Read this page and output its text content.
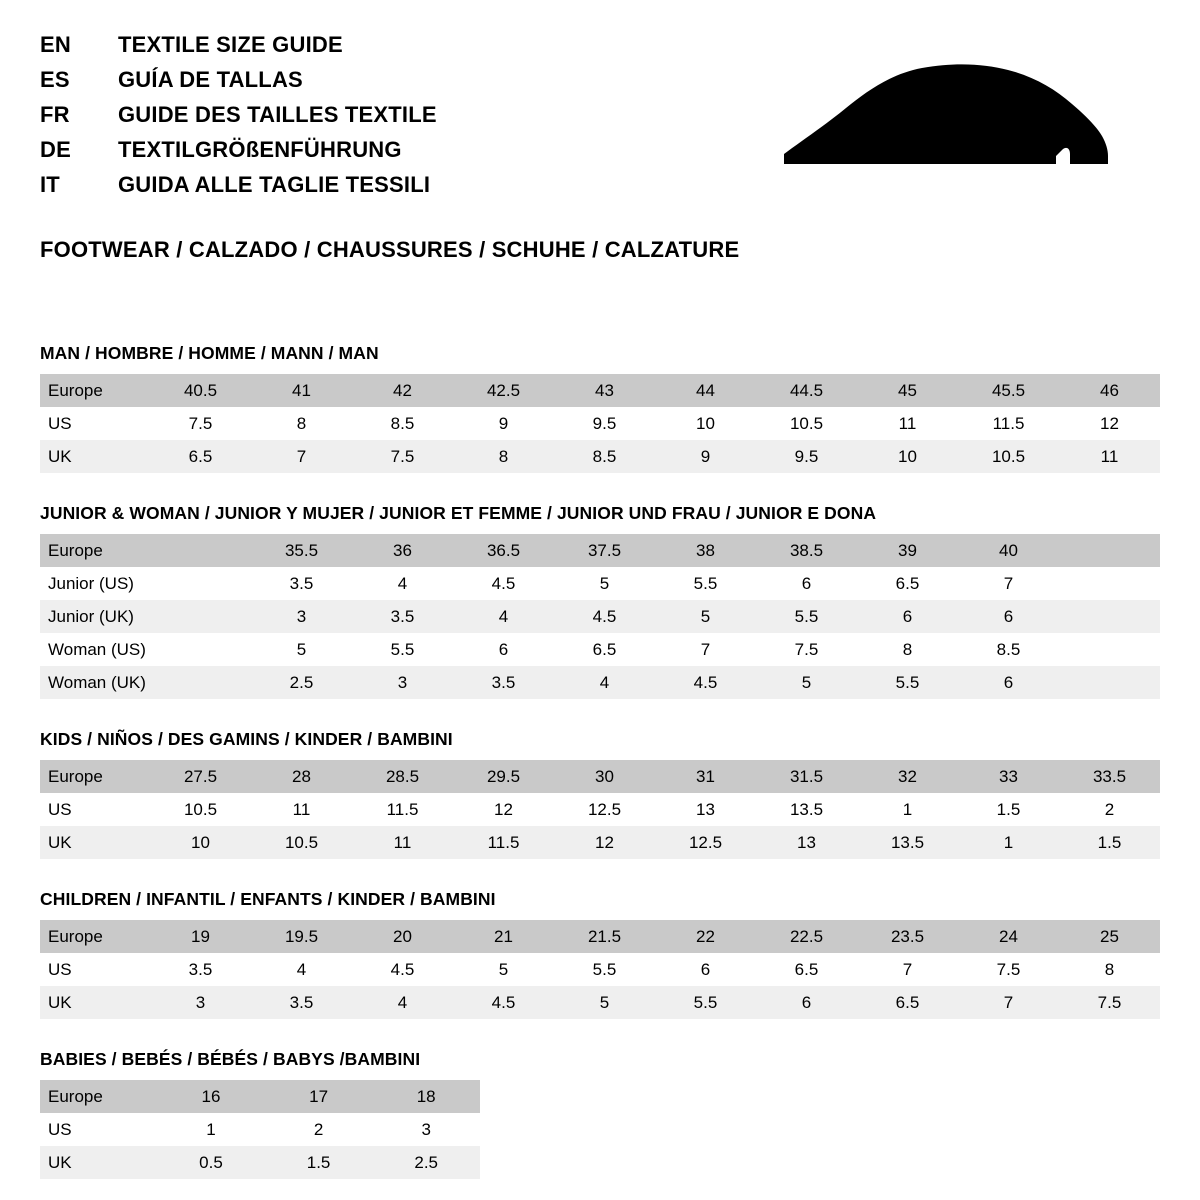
EN	TEXTILE SIZE GUIDE
ES	GUÍA DE TALLAS
FR	GUIDE DES TAILLES TEXTILE
DE	TEXTILGRÖßENFÜHRUNG
IT	GUIDA ALLE TAGLIE TESSILI
FOOTWEAR / CALZADO / CHAUSSURES / SCHUHE / CALZATURE
MAN / HOMBRE / HOMME / MANN / MAN
Europe	40.5	41	42	42.5	43	44	44.5	45	45.5	46
US	7.5	8	8.5	9	9.5	10	10.5	11	11.5	12
UK	6.5	7	7.5	8	8.5	9	9.5	10	10.5	11
JUNIOR & WOMAN / JUNIOR Y MUJER / JUNIOR ET FEMME / JUNIOR UND FRAU / JUNIOR E DONA
Europe		35.5	36	36.5	37.5	38	38.5	39	40	
Junior (US)		3.5	4	4.5	5	5.5	6	6.5	7	
Junior (UK)		3	3.5	4	4.5	5	5.5	6	6	
Woman (US)		5	5.5	6	6.5	7	7.5	8	8.5	
Woman (UK)		2.5	3	3.5	4	4.5	5	5.5	6	
KIDS / NIÑOS / DES GAMINS / KINDER / BAMBINI
Europe	27.5	28	28.5	29.5	30	31	31.5	32	33	33.5
US	10.5	11	11.5	12	12.5	13	13.5	1	1.5	2
UK	10	10.5	11	11.5	12	12.5	13	13.5	1	1.5
CHILDREN / INFANTIL / ENFANTS / KINDER / BAMBINI
Europe	19	19.5	20	21	21.5	22	22.5	23.5	24	25
US	3.5	4	4.5	5	5.5	6	6.5	7	7.5	8
UK	3	3.5	4	4.5	5	5.5	6	6.5	7	7.5
BABIES / BEBÉS / BÉBÉS / BABYS /BAMBINI
Europe	16	17	18
US	1	2	3
UK	0.5	1.5	2.5
